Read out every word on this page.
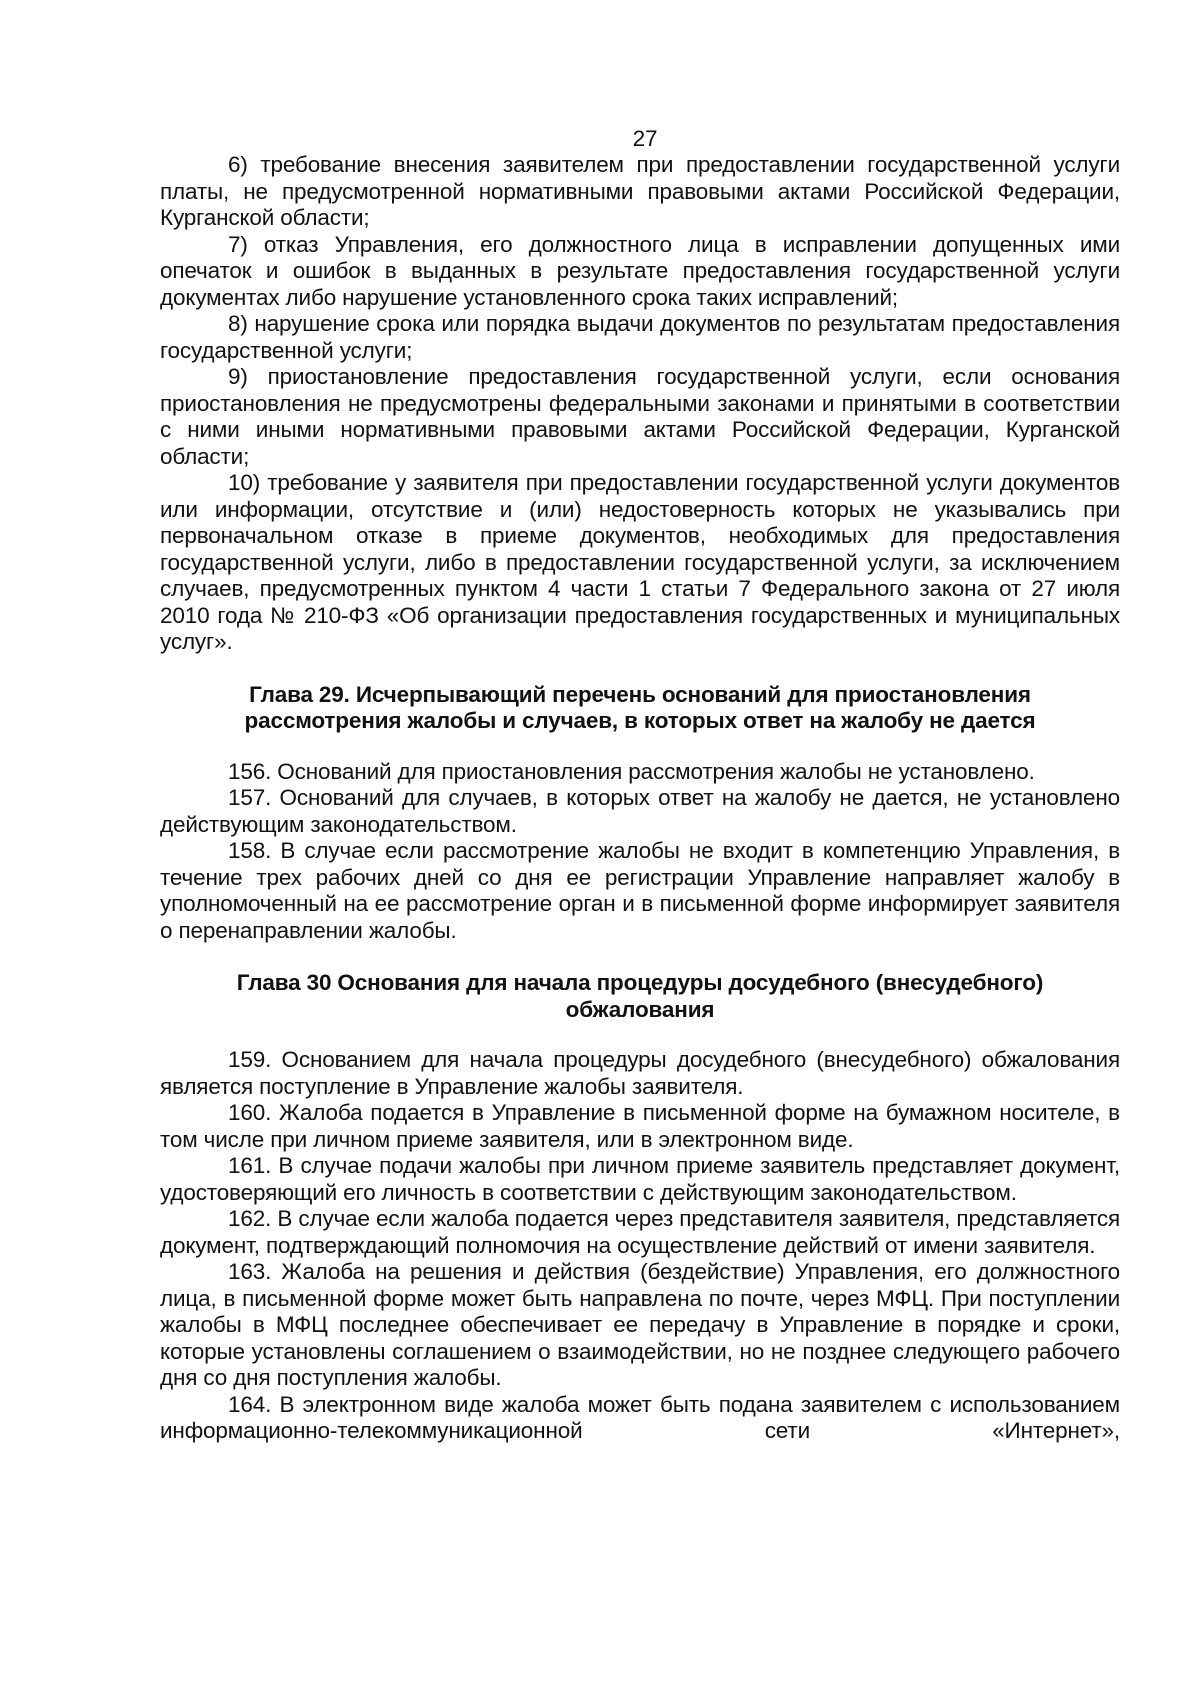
27

6) требование внесения заявителем при предоставлении государственной услуги платы, не предусмотренной нормативными правовыми актами Российской Федерации, Курганской области;

7) отказ Управления, его должностного лица в исправлении допущенных ими опечаток и ошибок в выданных в результате предоставления государственной услуги документах либо нарушение установленного срока таких исправлений;

8) нарушение срока или порядка выдачи документов по результатам предоставления государственной услуги;

9) приостановление предоставления государственной услуги, если основания приостановления не предусмотрены федеральными законами и принятыми в соответствии с ними иными нормативными правовыми актами Российской Федерации, Курганской области;

10) требование у заявителя при предоставлении государственной услуги документов или информации, отсутствие и (или) недостоверность которых не указывались при первоначальном отказе в приеме документов, необходимых для предоставления государственной услуги, либо в предоставлении государственной услуги, за исключением случаев, предусмотренных пунктом 4 части 1 статьи 7 Федерального закона от 27 июля 2010 года № 210-ФЗ «Об организации предоставления государственных и муниципальных услуг».

Глава 29. Исчерпывающий перечень оснований для приостановления рассмотрения жалобы и случаев, в которых ответ на жалобу не дается

156. Оснований для приостановления рассмотрения жалобы не установлено.

157. Оснований для случаев, в которых ответ на жалобу не дается, не установлено действующим законодательством.

158. В случае если рассмотрение жалобы не входит в компетенцию Управления, в течение трех рабочих дней со дня ее регистрации Управление направляет жалобу в уполномоченный на ее рассмотрение орган и в письменной форме информирует заявителя о перенаправлении жалобы.

Глава 30 Основания для начала процедуры досудебного (внесудебного) обжалования

159. Основанием для начала процедуры досудебного (внесудебного) обжалования является поступление в Управление жалобы заявителя.

160. Жалоба подается в Управление в письменной форме на бумажном носителе, в том числе при личном приеме заявителя, или в электронном виде.

161. В случае подачи жалобы при личном приеме заявитель представляет документ, удостоверяющий его личность в соответствии с действующим законодательством.

162. В случае если жалоба подается через представителя заявителя, представляется документ, подтверждающий полномочия на осуществление действий от имени заявителя.

163. Жалоба на решения и действия (бездействие) Управления, его должностного лица, в письменной форме может быть направлена по почте, через МФЦ. При поступлении жалобы в МФЦ последнее обеспечивает ее передачу в Управление в порядке и сроки, которые установлены соглашением о взаимодействии, но не позднее следующего рабочего дня со дня поступления жалобы.

164. В электронном виде жалоба может быть подана заявителем с использованием информационно-телекоммуникационной сети «Интернет»,
